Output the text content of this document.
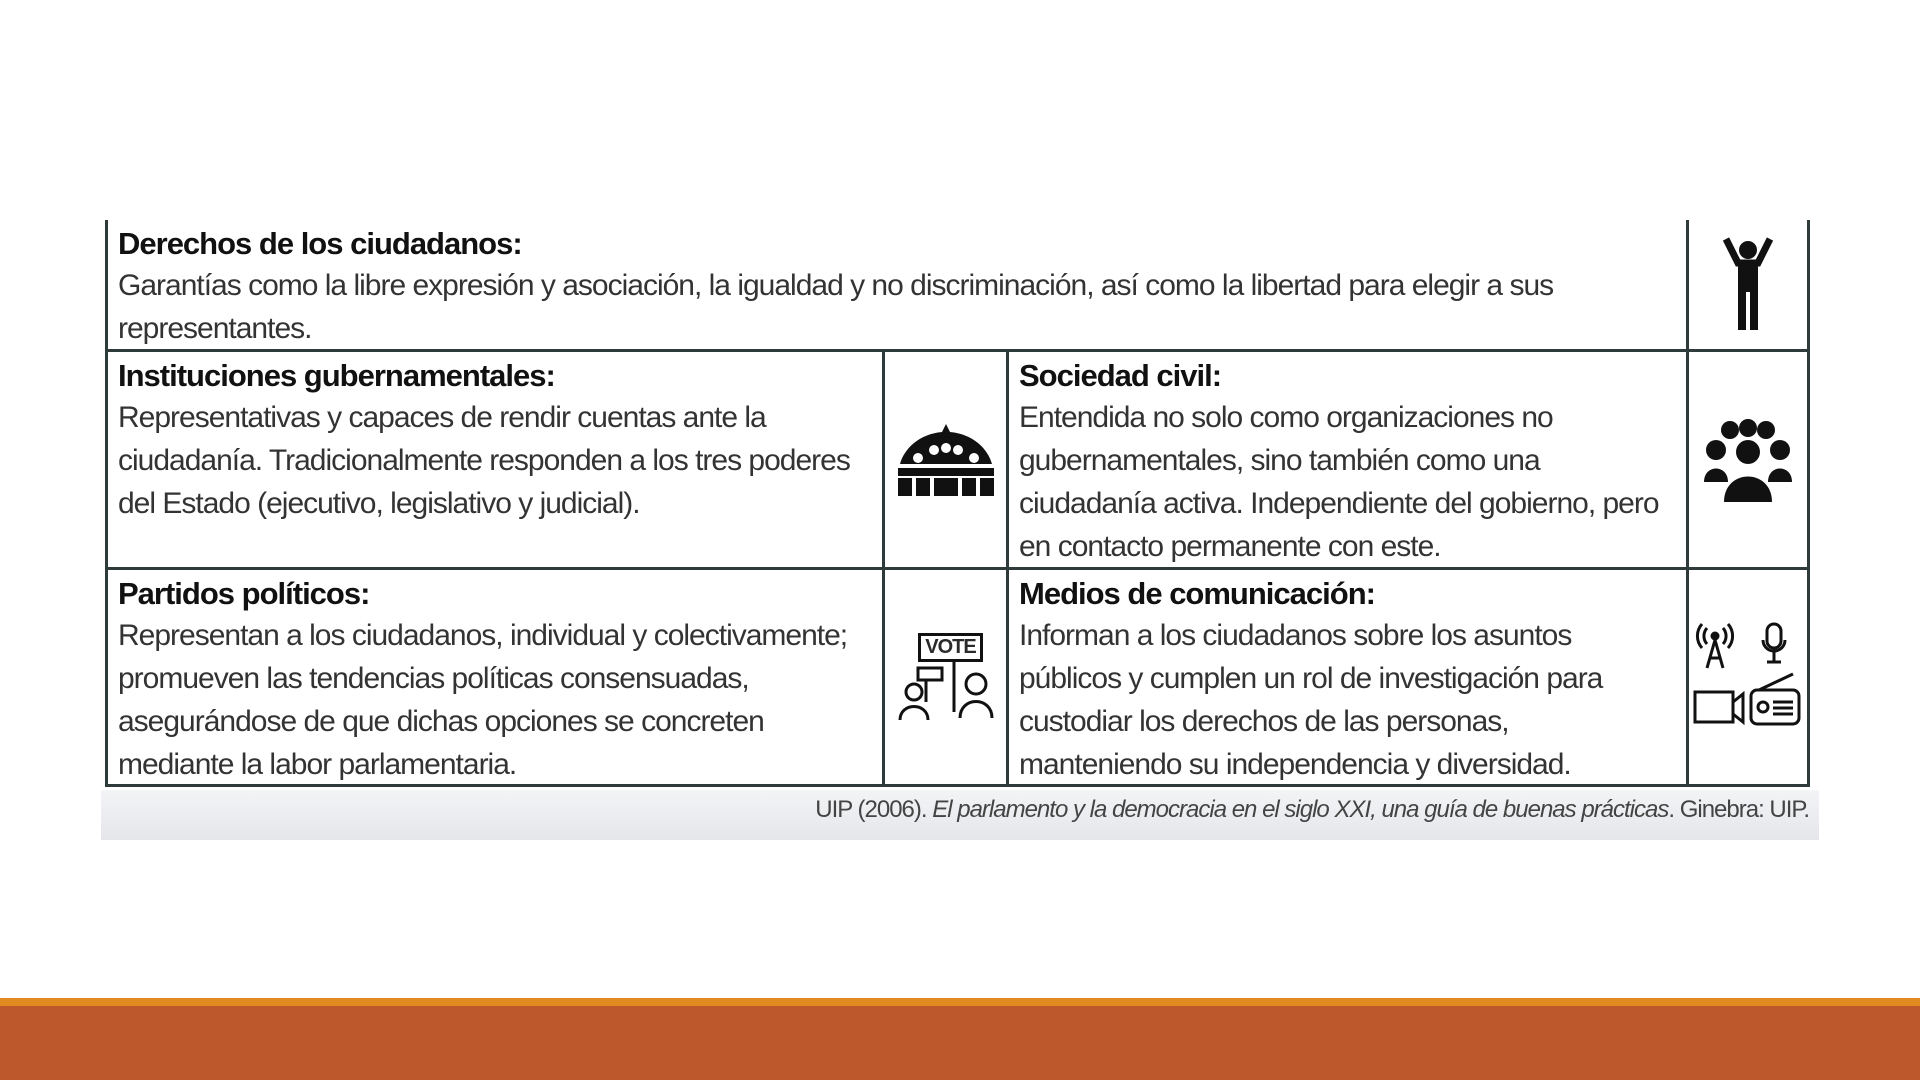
Derechos de los ciudadanos:

Garantías como la libre expresión y asociación, la igualdad y no discriminación, así como la libertad para elegir a sus representantes.

Instituciones gubernamentales:

Representativas y capaces de rendir cuentas ante la ciudadanía. Tradicionalmente responden a los tres poderes del Estado (ejecutivo, legislativo y judicial).

Sociedad civil:

Entendida no solo como organizaciones no gubernamentales, sino también como una ciudadanía activa. Independiente del gobierno, pero en contacto permanente con este.

Partidos políticos:

Representan a los ciudadanos, individual y colectivamente; promueven las tendencias políticas consensuadas, asegurándose de que dichas opciones se concreten mediante la labor parlamentaria.

VOTE
Medios de comunicación:

Informan a los ciudadanos sobre los asuntos públicos y cumplen un rol de investigación para custodiar los derechos de las personas, manteniendo su independencia y diversidad.

UIP (2006). El parlamento y la democracia en el siglo XXI, una guía de buenas prácticas. Ginebra: UIP.
